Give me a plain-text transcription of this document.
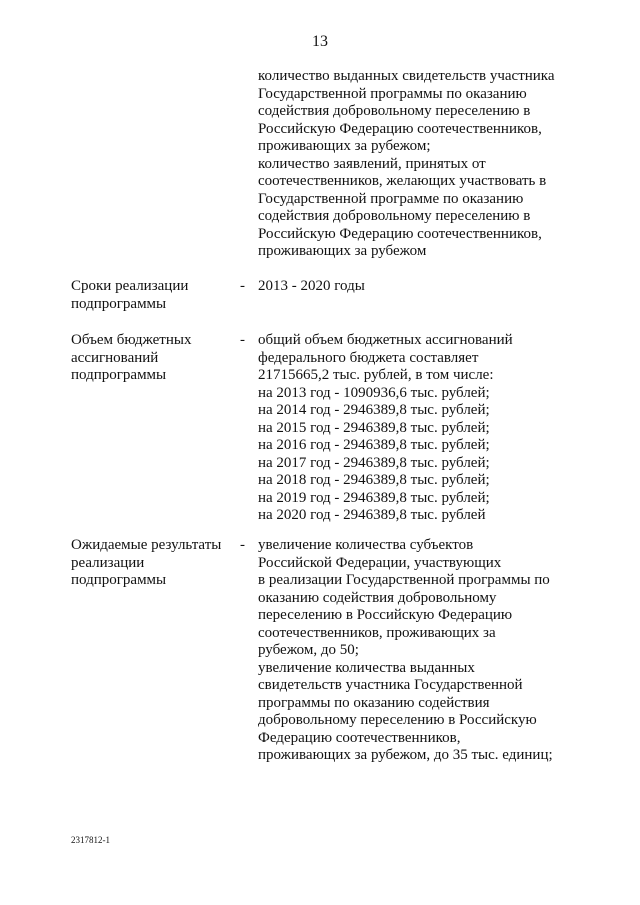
13
количество выданных свидетельств участника
Государственной программы по оказанию
содействия добровольному переселению в
Российскую Федерацию соотечественников,
проживающих за рубежом;
количество заявлений, принятых от
соотечественников, желающих участвовать в
Государственной программе по оказанию
содействия добровольному переселению в
Российскую Федерацию соотечественников,
проживающих за рубежом
Сроки реализации
подпрограммы
- 2013 - 2020 годы
Объем бюджетных
ассигнований
подпрограммы
- общий объем бюджетных ассигнований
федерального бюджета составляет
21715665,2 тыс. рублей, в том числе:
на 2013 год - 1090936,6 тыс. рублей;
на 2014 год - 2946389,8 тыс. рублей;
на 2015 год - 2946389,8 тыс. рублей;
на 2016 год - 2946389,8 тыс. рублей;
на 2017 год - 2946389,8 тыс. рублей;
на 2018 год - 2946389,8 тыс. рублей;
на 2019 год - 2946389,8 тыс. рублей;
на 2020 год - 2946389,8 тыс. рублей
Ожидаемые результаты
реализации
подпрограммы
- увеличение количества субъектов
Российской Федерации, участвующих
в реализации Государственной программы по
оказанию содействия добровольному
переселению в Российскую Федерацию
соотечественников, проживающих за
рубежом, до 50;
увеличение количества выданных
свидетельств участника Государственной
программы по оказанию содействия
добровольному переселению в Российскую
Федерацию соотечественников,
проживающих за рубежом, до 35 тыс. единиц;
2317812-1
